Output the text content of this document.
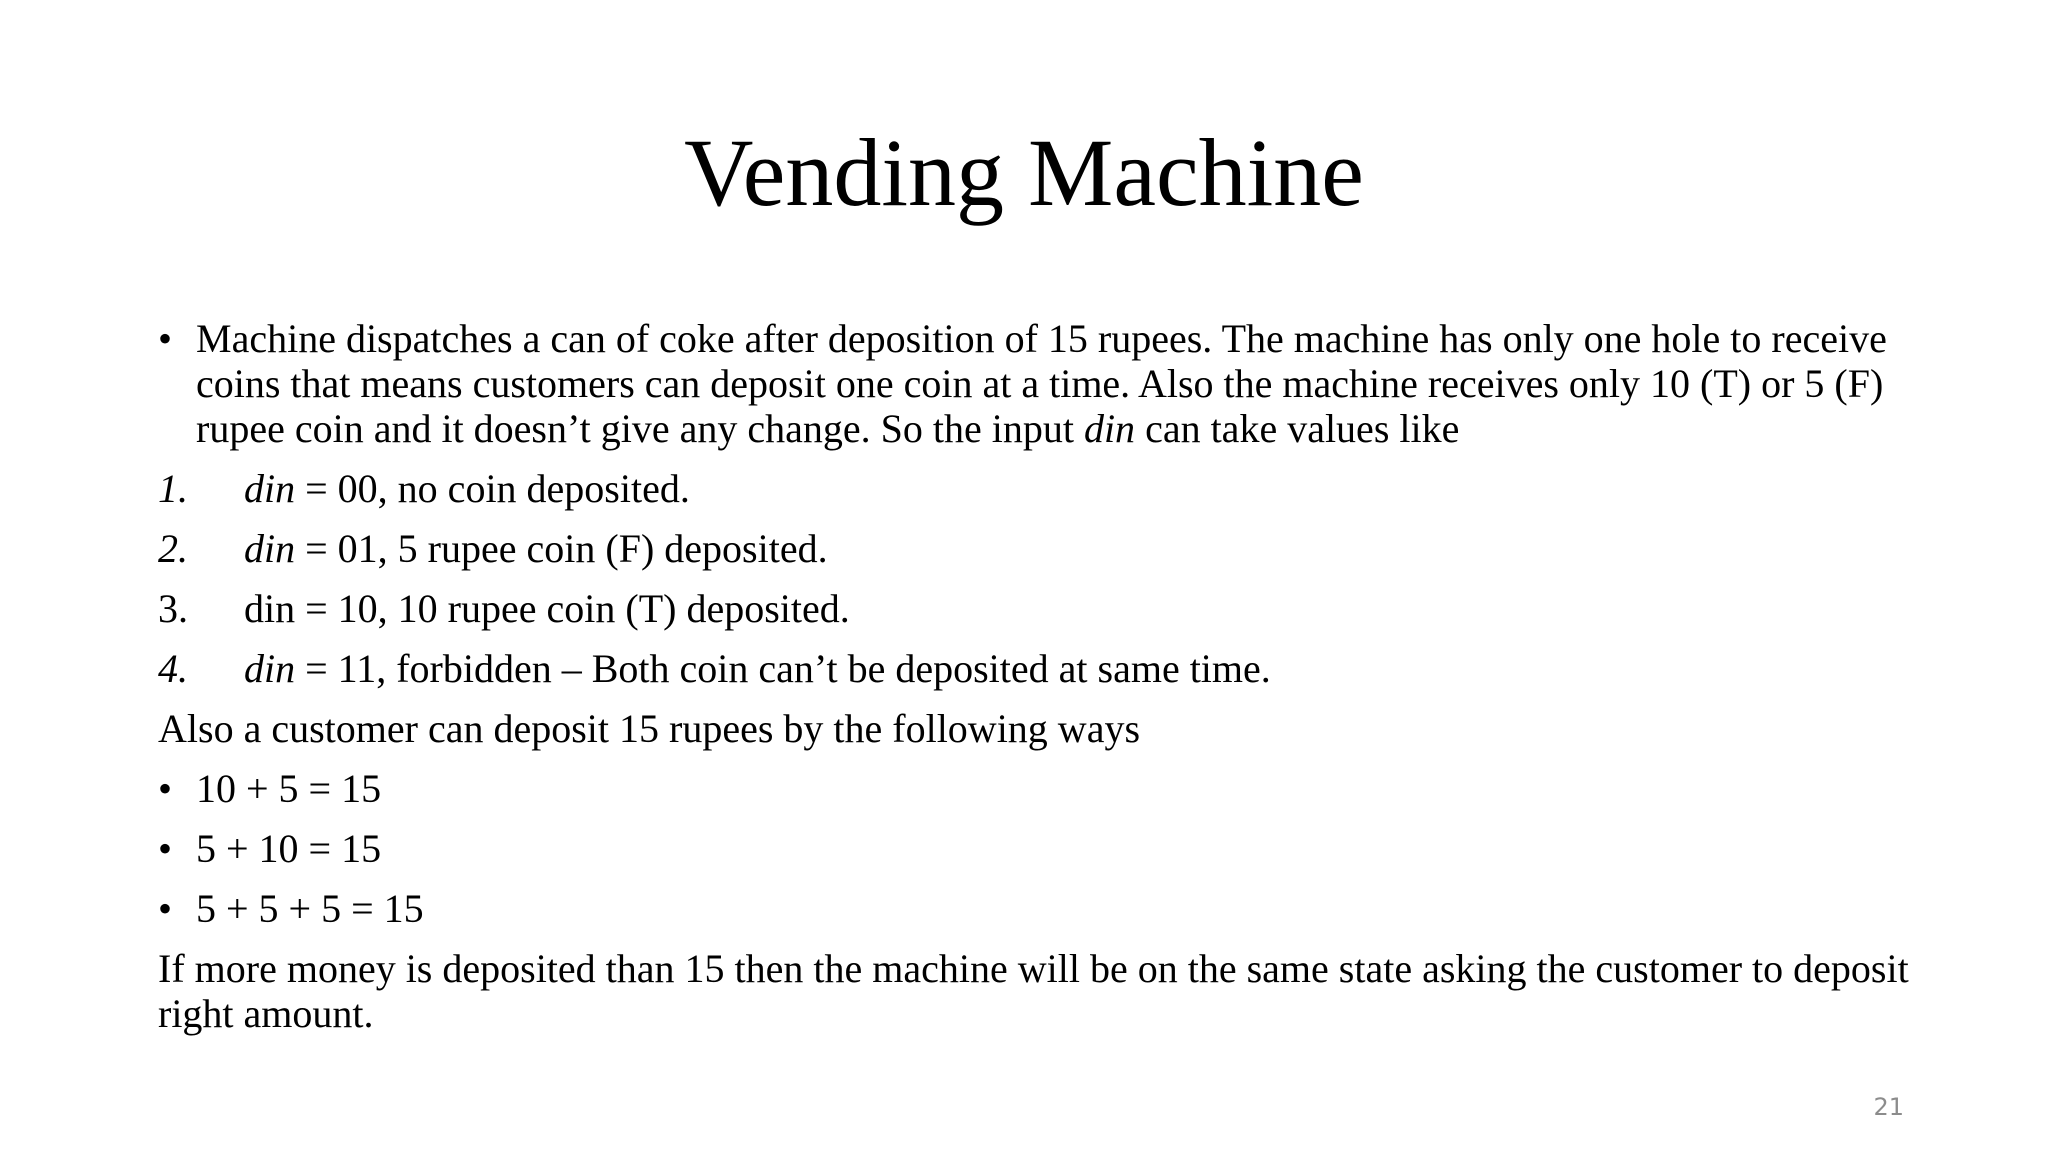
Vending Machine

• Machine dispatches a can of coke after deposition of 15 rupees. The machine has only one hole to receive coins that means customers can deposit one coin at a time. Also the machine receives only 10 (T) or 5 (F) rupee coin and it doesn’t give any change. So the input din can take values like

1.	din = 00, no coin deposited.

2.	din = 01, 5 rupee coin (F) deposited.

3.	din = 10, 10 rupee coin (T) deposited.

4.	din = 11, forbidden – Both coin can’t be deposited at same time.

Also a customer can deposit 15 rupees by the following ways

• 10 + 5 = 15

• 5 + 10 = 15

• 5 + 5 + 5 = 15

If more money is deposited than 15 then the machine will be on the same state asking the customer to deposit right amount.

21
